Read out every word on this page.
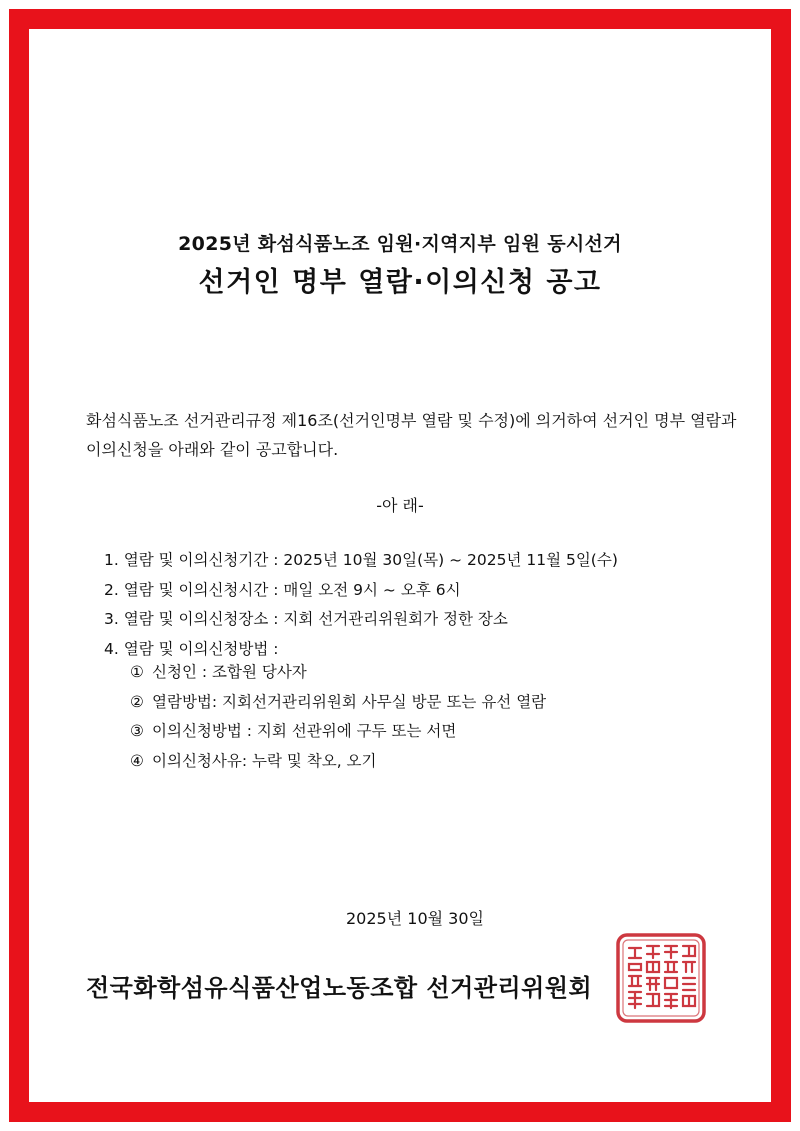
2025년 화섬식품노조 임원·지역지부 임원 동시선거
선거인 명부 열람·이의신청 공고

화섬식품노조 선거관리규정 제16조(선거인명부 열람 및 수정)에 의거하여 선거인 명부 열람과 이의신청을 아래와 같이 공고합니다.

-아 래-
1. 열람 및 이의신청기간 : 2025년 10월 30일(목) ~ 2025년 11월 5일(수)
2. 열람 및 이의신청시간 : 매일 오전 9시 ~ 오후 6시
3. 열람 및 이의신청장소 : 지회 선거관리위원회가 정한 장소
4. 열람 및 이의신청방법 :
① 신청인 : 조합원 당사자
② 열람방법: 지회선거관리위원회 사무실 방문 또는 유선 열람
③ 이의신청방법 : 지회 선관위에 구두 또는 서면
④ 이의신청사유: 누락 및 착오, 오기
2025년 10월 30일
전국화학섬유식품산업노동조합 선거관리위원회
